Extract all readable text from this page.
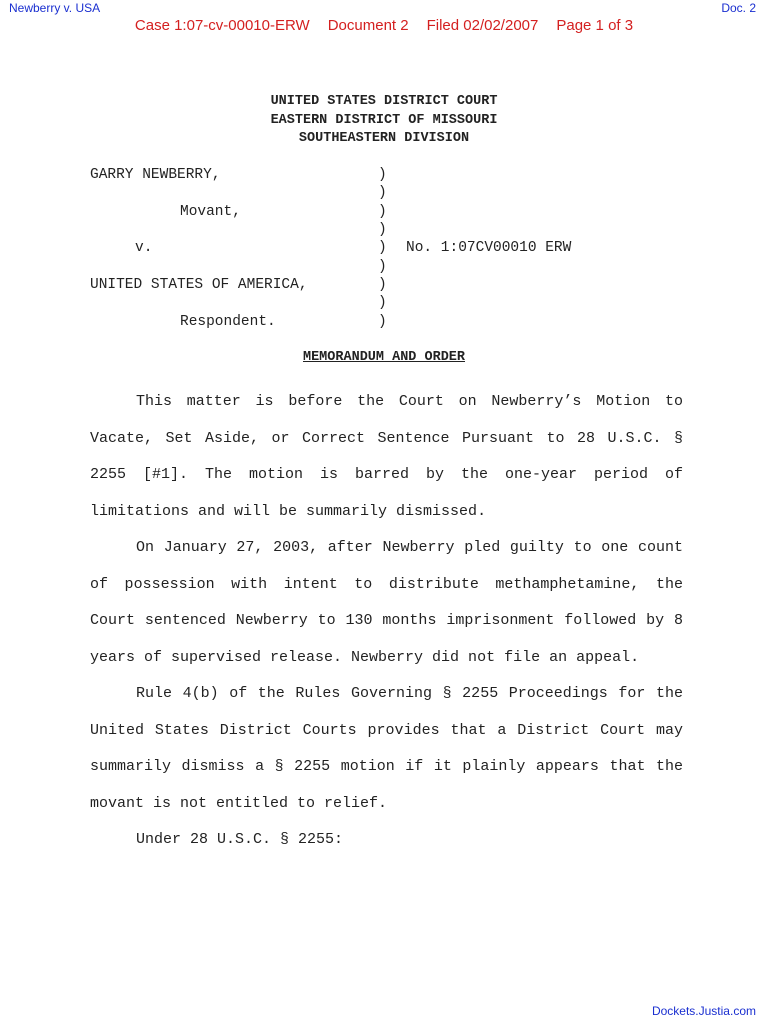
Newberry v. USA	Doc. 2
Case 1:07-cv-00010-ERW Document 2 Filed 02/02/2007 Page 1 of 3
UNITED STATES DISTRICT COURT
EASTERN DISTRICT OF MISSOURI
SOUTHEASTERN DIVISION
GARRY NEWBERRY,
Movant,
v.
UNITED STATES OF AMERICA,
Respondent.
No. 1:07CV00010 ERW
)
)
)
)
)
)
)
)
)
MEMORANDUM AND ORDER

This matter is before the Court on Newberry’s Motion to Vacate, Set Aside, or Correct Sentence Pursuant to 28 U.S.C. § 2255 [#1]. The motion is barred by the one-year period of limitations and will be summarily dismissed.

On January 27, 2003, after Newberry pled guilty to one count of possession with intent to distribute methamphetamine, the Court sentenced Newberry to 130 months imprisonment followed by 8 years of supervised release. Newberry did not file an appeal.

Rule 4(b) of the Rules Governing § 2255 Proceedings for the United States District Courts provides that a District Court may summarily dismiss a § 2255 motion if it plainly appears that the movant is not entitled to relief.

Under 28 U.S.C. § 2255:

Dockets.Justia.com
